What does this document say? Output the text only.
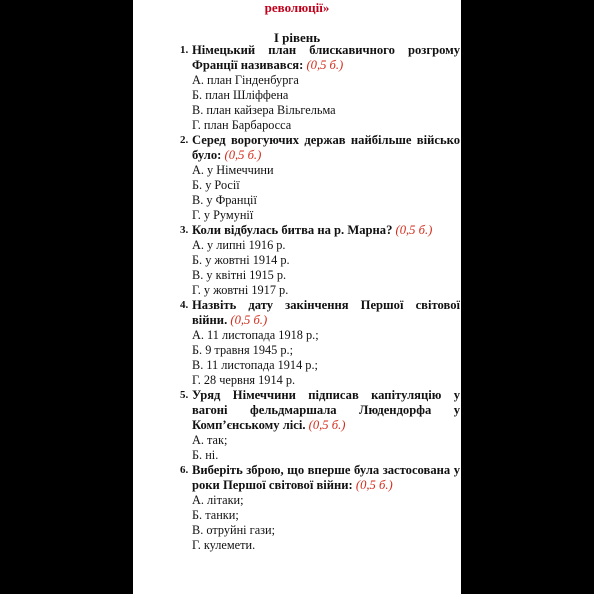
революції»
І рівень
1. Німецький план блискавичного розгрому Франції називався: (0,5 б.)
А. план Гінденбурга
Б. план Шліффена
В. план кайзера Вільгельма
Г. план Барбаросса
2. Серед ворогуючих держав найбільше військо було: (0,5 б.)
А. у Німеччини
Б. у Росії
В. у Франції
Г. у Румунії
3. Коли відбулась битва на р. Марна? (0,5 б.)
А. у липні 1916 р.
Б. у жовтні 1914 р.
В. у квітні 1915 р.
Г. у жовтні 1917 р.
4. Назвіть дату закінчення Першої світової війни. (0,5 б.)
А. 11 листопада 1918 р.;
Б. 9 травня 1945 р.;
В. 11 листопада 1914 р.;
Г. 28 червня 1914 р.
5. Уряд Німеччини підписав капітуляцію у вагоні фельдмаршала Людендорфа у Комп’єнському лісі. (0,5 б.)
А. так;
Б. ні.
6. Виберіть зброю, що вперше була застосована у роки Першої світової війни: (0,5 б.)
А. літаки;
Б. танки;
В. отруйні гази;
Г. кулемети.
